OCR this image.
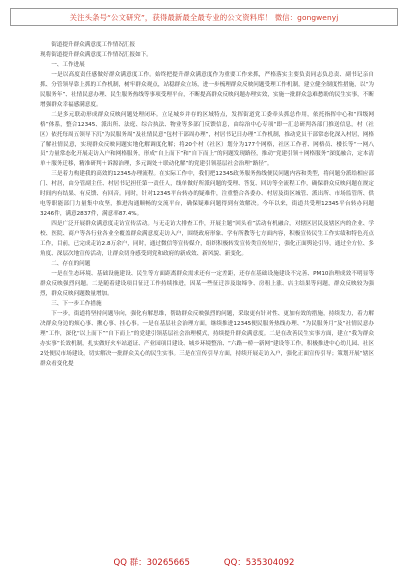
关注头条号“公文研究”，获得最新最全最专业的公文资料库！ 微信：gongwenyj

街道提升群众满意度工作情况汇报

现将街道提升群众满意度工作情况汇报如下。

一、工作进展

一是以高度责任感做好群众满意度工作。始终把提升群众满意度作为重要工作来抓，严格落实主要负责同志负总责、副书记亲自抓、分管领导靠上抓的工作机制，树牢群众观点，站稳群众立场，进一步梳理群众反映问题受理工作机制，建立健全制度性措施，以“为民服务年”、社情民意办理、民生服务热线等事项受理平台，不断提高群众反映问题办理实效，实施一批群众急难愁盼的民生实事，不断增强群众幸福感满意度。

二是多元联动形成群众反映问题处理闭环。立足城乡并存的区域特点，发挥街道党工委牵头抓总作用，依托指挥中心和“四级网格”体系，整合12345、派出所、法庭、综合执法、物业等多部门反馈信息，由综治中心专项“即一汇总研判各部门推送信息，村（社区）依托每周五领导下沉“为民服务周”及社情民意“包村干部周办理”，村居书记日办理”工作机制，推动党员干部常态化深入村居，网格了解社情民意，实现群众反映问题实地化解调度化解；将20个村（社区）划分为177个网格，社区工作者、网格员、楼长等“一网八员”力量常态化开展走访入户和网格服务，形成“自上而下”和“自下而上”的问题发现路径，推动“党建引领＋网格服务”深度融合，定本清单＋服务迁移，精准研判＋诉源治理，多元调处＋联动化解”的党建引领基层社会治理“路径”。

三是着力构建我的高效的12345办理流程。在实际工作中，我们把12345政务服务热线便民问题内容和类型，将问题分派给相应部门、村居，由分管副主任、村居书记担任第一责任人，线单做好所派问题的受理、答复、回访等全流程工作，确保群众反映问题在规定时间内有结果、有反馈、有回音。同时，针对12345平台转办的疑难件，注重整合各委办、村居及街区城管、派出所、市场监管所、供电等职能部门力量集中攻坚，推进沟通顺畅的交流平台，确保疑难问题得到有效解决。今年以来，街道共受理12345平台转办问题3246件，满意2837件，满意率87.4%。

四是广泛开展群众满意度走访宣传活动。与无走访大排查工作，开展主题“回头看”活动有机融合，对辖区居民及辖区内的企业、学校、医院、商户等各行业各业全覆盖群众满意度走访入户，围绕政府形象、学有所教等七方面内容，积极宣传民生工作实绩和特色亮点工作，目前，已完成走访2.8万余户，同时，通过微信等宣传媒介，组织积极转发宣传类宣传短片，强化正面舆论引导，通过全方位、多角度、深层次地宣传活动，让群众切身感受到党和政府的新成效、新风貌、新变化。

二、存在的问题

一是在生态环境、基础设施建设、民生等方面距离群众需求还有一定差距，还存在基础设施建设不完善、PM10治理成效不明显等群众反映强烈问题。二是随着建设项目征迁工作持续推进，因某一些征迁涉及取缔争、房租上涨、店主结果等问题，群众反映较为强烈，群众反映问题数量增加。

三、下一步工作措施

下一步，街道将坚持问题导向，强化有解思维，帮助群众反映强烈的问题，采取更有针对性、更加有效的措施，持续发力，着力解决群众身边的烦心事、揪心事、挂心事。一是在基层社会治理方面，继续推进12345便民服务热线办理、“为民服务月”及“社情民意办理”工作，深化“以上而下”“自下而上”的党建引领基层社会治理模式，持续提升群众满意度。二是在改善民生实事方面，建立“我为群众办实事”长效机制，扎实做好火车站道证、产业园项目建设、城乡环境整治、“六路一桥一新网”建设等工作，积极推进中心幼儿园、社区2处便民市场建设，切实解决一批群众关心的民生实事。三是在宣传引导方面，持续开展走访入户，强化正面宣传引导；策划开展“辖区群众看变化提

QQ 群：30265665	QQ：535304092
